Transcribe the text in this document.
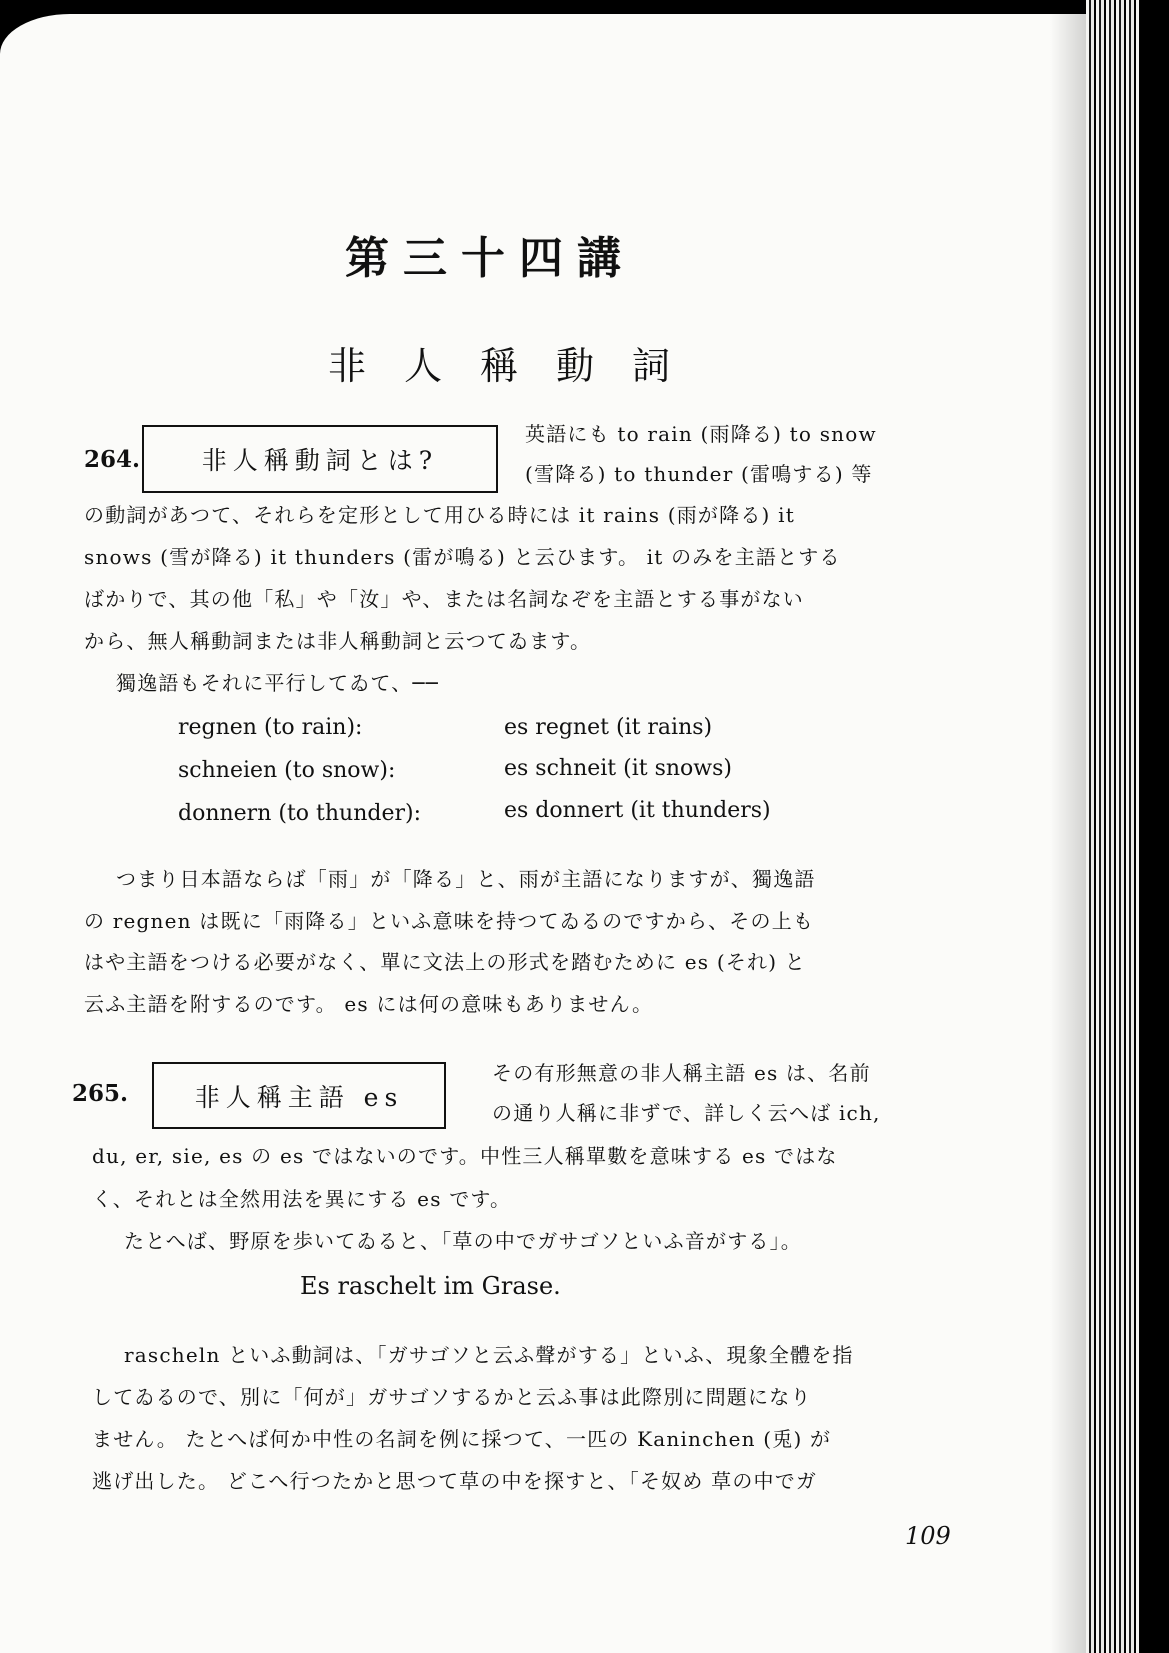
第三十四講
非人稱動詞
264. 非人稱動詞とは?
英語にも to rain (雨降る) to snow
(雪降る) to thunder (雷鳴する) 等
の動詞があつて、それらを定形として用ひる時には it rains (雨が降る) it
snows (雪が降る) it thunders (雷が鳴る) と云ひます。 it のみを主語とする
ばかりで、其の他「私」や「汝」や、または名詞なぞを主語とする事がない
から、無人稱動詞または非人稱動詞と云つてゐます。
獨逸語もそれに平行してゐて、──
regnen (to rain):	es regnet (it rains)
schneien (to snow):	es schneit (it snows)
donnern (to thunder):	es donnert (it thunders)
つまり日本語ならば「雨」が「降る」と、雨が主語になりますが、獨逸語
の regnen は既に「雨降る」といふ意味を持つてゐるのですから、その上も
はや主語をつける必要がなく、單に文法上の形式を踏むために es (それ) と
云ふ主語を附するのです。 es には何の意味もありません。
265.	非人稱主語 es
その有形無意の非人稱主語 es は、名前
の通り人稱に非ずで、詳しく云へば ich,
du, er, sie, es の es ではないのです。中性三人稱單數を意味する es ではな
く、それとは全然用法を異にする es です。
たとへば、野原を歩いてゐると、「草の中でガサゴソといふ音がする」。
Es raschelt im Grase.
rascheln といふ動詞は、「ガサゴソと云ふ聲がする」といふ、現象全體を指
してゐるので、別に「何が」ガサゴソするかと云ふ事は此際別に問題になり
ません。 たとへば何か中性の名詞を例に採つて、一匹の Kaninchen (兎) が
逃げ出した。 どこへ行つたかと思つて草の中を探すと、「そ奴め 草の中でガ
109
